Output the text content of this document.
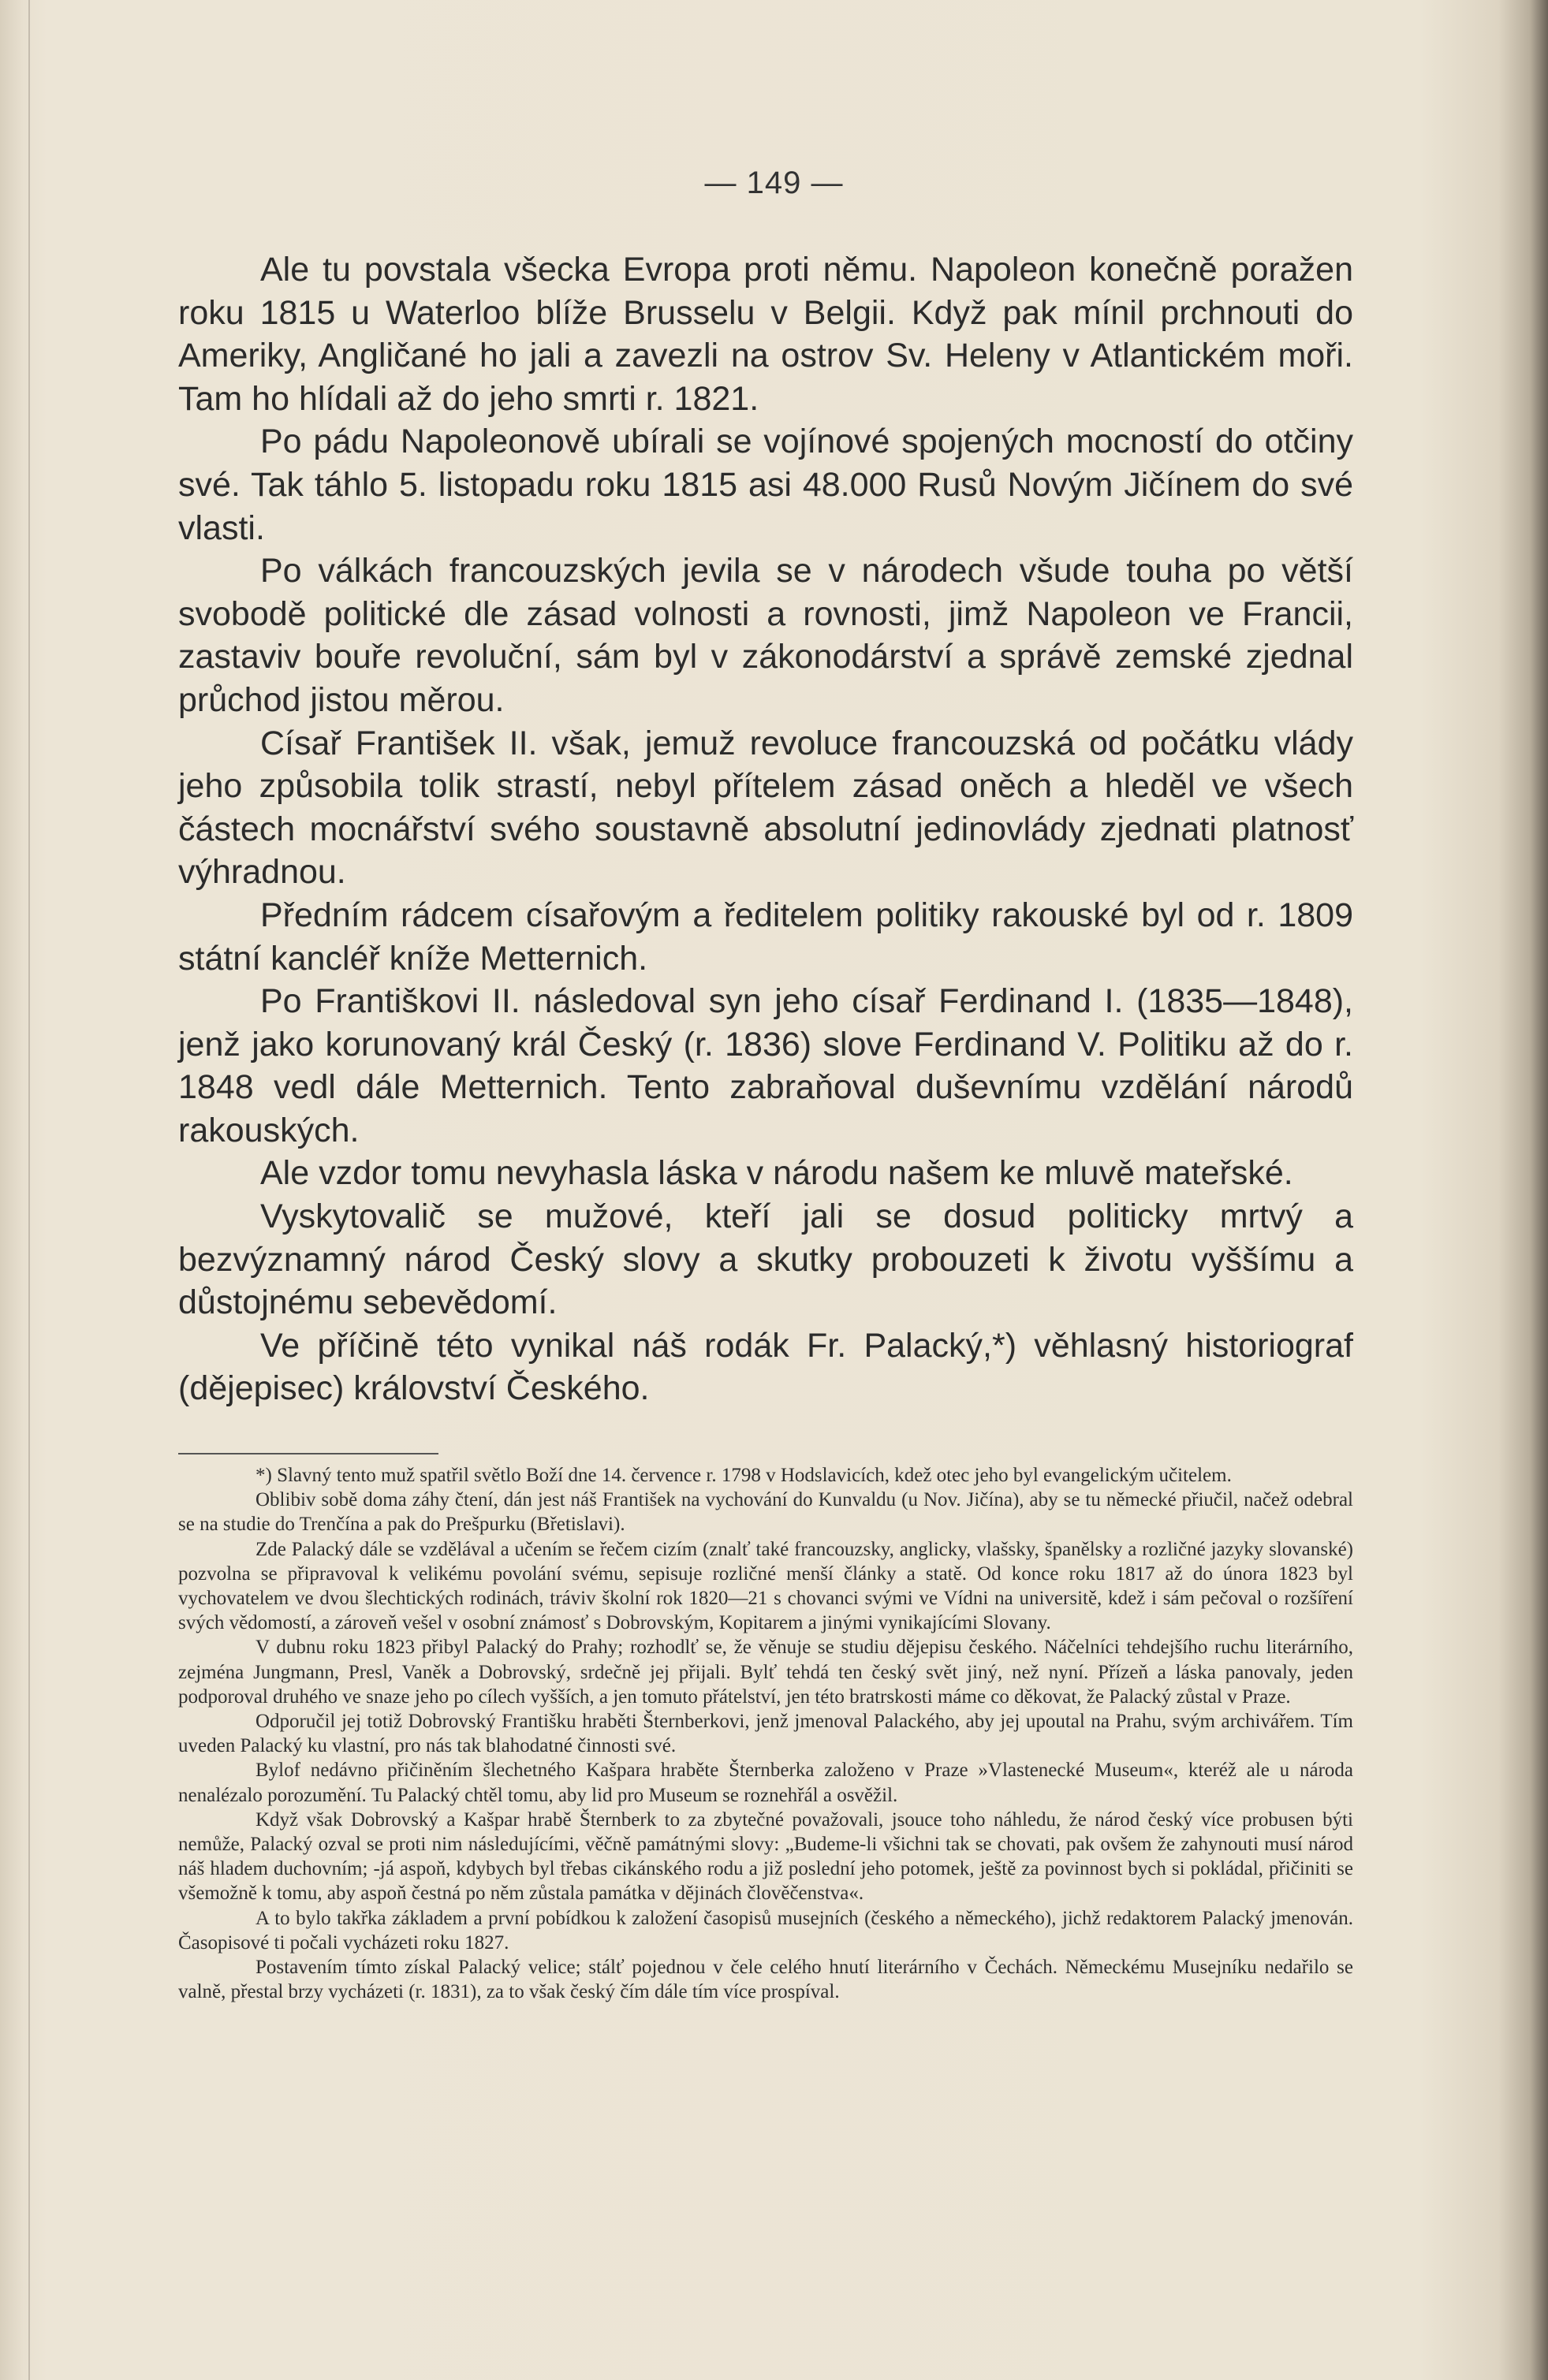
— 149 —

Ale tu povstala všecka Evropa proti němu. Napoleon konečně poražen roku 1815 u Waterloo blíže Brusselu v Belgii. Když pak mínil prchnouti do Ameriky, Angličané ho jali a zavezli na ostrov Sv. Heleny v Atlantickém moři. Tam ho hlídali až do jeho smrti r. 1821.

Po pádu Napoleonově ubírali se vojínové spojených mocností do otčiny své. Tak táhlo 5. listopadu roku 1815 asi 48.000 Rusů Novým Jičínem do své vlasti.

Po válkách francouzských jevila se v národech všude touha po větší svobodě politické dle zásad volnosti a rovnosti, jimž Napoleon ve Francii, zastaviv bouře revoluční, sám byl v zákonodárství a správě zemské zjednal průchod jistou měrou.

Císař František II. však, jemuž revoluce francouzská od počátku vlády jeho způsobila tolik strastí, nebyl přítelem zásad oněch a hleděl ve všech částech mocnářství svého soustavně absolutní jedinovlády zjednati platnosť výhradnou.

Předním rádcem císařovým a ředitelem politiky rakouské byl od r. 1809 státní kancléř kníže Metternich.

Po Františkovi II. následoval syn jeho císař Ferdinand I. (1835—1848), jenž jako korunovaný král Český (r. 1836) slove Ferdinand V. Politiku až do r. 1848 vedl dále Metternich. Tento zabraňoval duševnímu vzdělání národů rakouských.

Ale vzdor tomu nevyhasla láska v národu našem ke mluvě mateřské.

Vyskytovalič se mužové, kteří jali se dosud politicky mrtvý a bezvýznamný národ Český slovy a skutky probouzeti k životu vyššímu a důstojnému sebevědomí.

Ve příčině této vynikal náš rodák Fr. Palacký,*) věhlasný historiograf (dějepisec) království Českého.

*) Slavný tento muž spatřil světlo Boží dne 14. července r. 1798 v Hodslavicích, kdež otec jeho byl evangelickým učitelem.

Oblibiv sobě doma záhy čtení, dán jest náš František na vychování do Kunvaldu (u Nov. Jičína), aby se tu německé přiučil, načež odebral se na studie do Trenčína a pak do Prešpurku (Břetislavi).

Zde Palacký dále se vzdělával a učením se řečem cizím (znalť také francouzsky, anglicky, vlašsky, španělsky a rozličné jazyky slovanské) pozvolna se připravoval k velikému povolání svému, sepisuje rozličné menší články a statě. Od konce roku 1817 až do února 1823 byl vychovatelem ve dvou šlechtických rodinách, tráviv školní rok 1820—21 s chovanci svými ve Vídni na universitě, kdež i sám pečoval o rozšíření svých vědomostí, a zároveň vešel v osobní známosť s Dobrovským, Kopitarem a jinými vynikajícími Slovany.

V dubnu roku 1823 přibyl Palacký do Prahy; rozhodlť se, že věnuje se studiu dějepisu českého. Náčelníci tehdejšího ruchu literárního, zejména Jungmann, Presl, Vaněk a Dobrovský, srdečně jej přijali. Bylť tehdá ten český svět jiný, než nyní. Přízeň a láska panovaly, jeden podporoval druhého ve snaze jeho po cílech vyšších, a jen tomuto přátelství, jen této bratrskosti máme co děkovat, že Palacký zůstal v Praze.

Odporučil jej totiž Dobrovský Františku hraběti Šternberkovi, jenž jmenoval Palackého, aby jej upoutal na Prahu, svým archivářem. Tím uveden Palacký ku vlastní, pro nás tak blahodatné činnosti své.

Bylof nedávno přičiněním šlechetného Kašpara hraběte Šternberka založeno v Praze »Vlastenecké Museum«, kteréž ale u národa nenalézalo porozumění. Tu Palacký chtěl tomu, aby lid pro Museum se roznehřál a osvěžil.

Když však Dobrovský a Kašpar hrabě Šternberk to za zbytečné považovali, jsouce toho náhledu, že národ český více probusen býti nemůže, Palacký ozval se proti nim následujícími, věčně památnými slovy: „Budeme-li všichni tak se chovati, pak ovšem že zahynouti musí národ náš hladem duchovním; -já aspoň, kdybych byl třebas cikánského rodu a již poslední jeho potomek, ještě za povinnost bych si pokládal, přičiniti se všemožně k tomu, aby aspoň čestná po něm zůstala památka v dějinách člověčenstva«.

A to bylo takřka základem a první pobídkou k založení časopisů musejních (českého a německého), jichž redaktorem Palacký jmenován. Časopisové ti počali vycházeti roku 1827.

Postavením tímto získal Palacký velice; stálť pojednou v čele celého hnutí literárního v Čechách. Německému Musejníku nedařilo se valně, přestal brzy vycházeti (r. 1831), za to však český čím dále tím více prospíval.
